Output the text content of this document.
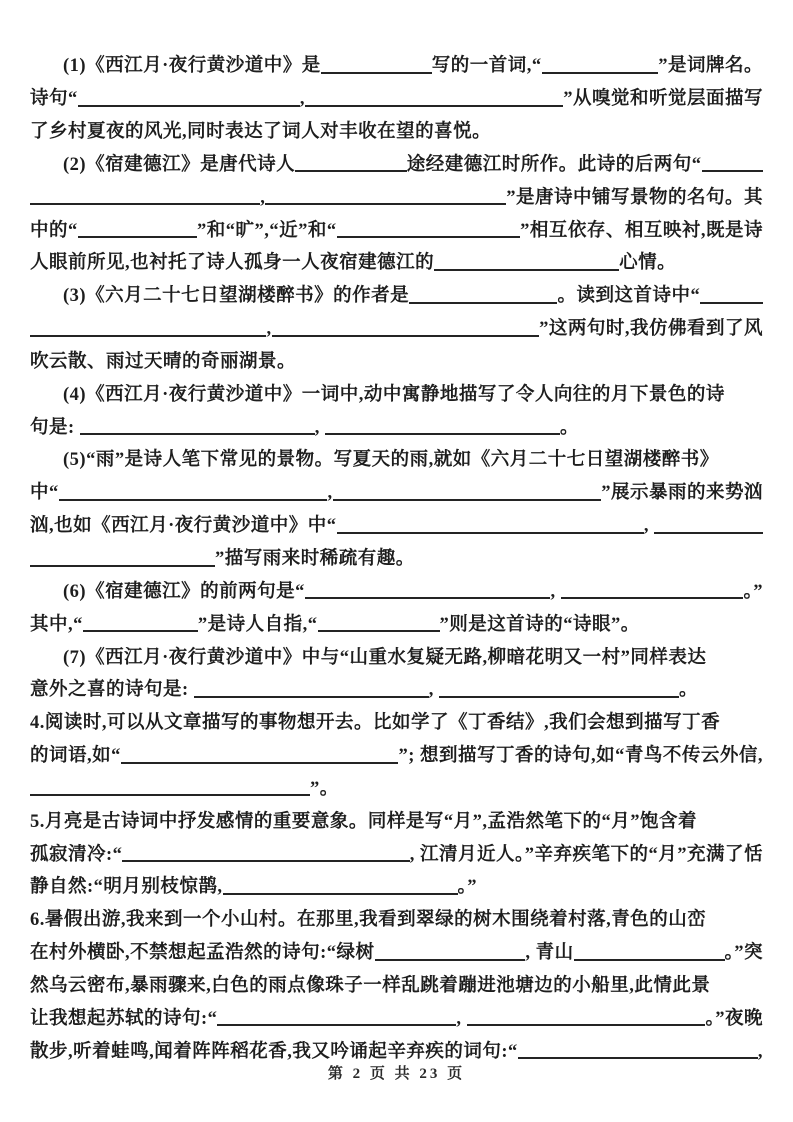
(1)《西江月·夜行黄沙道中》是	写的一首词,“	”是词牌名。
诗句“	,	”从嗅觉和听觉层面描写
了乡村夏夜的风光,同时表达了词人对丰收在望的喜悦。
(2)《宿建德江》是唐代诗人	途经建德江时所作。此诗的后两句“
,	”是唐诗中铺写景物的名句。其
中的“	”和“旷”,“近”和“	”相互依存、相互映衬,既是诗
人眼前所见,也衬托了诗人孤身一人夜宿建德江的	心情。
(3)《六月二十七日望湖楼醉书》的作者是	。读到这首诗中“
,	”这两句时,我仿佛看到了风
吹云散、雨过天晴的奇丽湖景。
(4)《西江月·夜行黄沙道中》一词中,动中寓静地描写了令人向往的月下景色的诗
句是:	,	。
(5)“雨”是诗人笔下常见的景物。写夏天的雨,就如《六月二十七日望湖楼醉书》
中“	,	”展示暴雨的来势汹
汹,也如《西江月·夜行黄沙道中》中“	,
”描写雨来时稀疏有趣。
(6)《宿建德江》的前两句是“	,	。”
其中,“	”是诗人自指,“	”则是这首诗的“诗眼”。
(7)《西江月·夜行黄沙道中》中与“山重水复疑无路,柳暗花明又一村”同样表达
意外之喜的诗句是:	,	。
4.阅读时,可以从文章描写的事物想开去。比如学了《丁香结》,我们会想到描写丁香
的词语,如“	”; 想到描写丁香的诗句,如“青鸟不传云外信,
”。
5.月亮是古诗词中抒发感情的重要意象。同样是写“月”,孟浩然笔下的“月”饱含着
孤寂清冷:“	, 江清月近人。”辛弃疾笔下的“月”充满了恬
静自然:“明月别枝惊鹊,	。”
6.暑假出游,我来到一个小山村。在那里,我看到翠绿的树木围绕着村落,青色的山峦
在村外横卧,不禁想起孟浩然的诗句:“绿树	, 青山	。”突
然乌云密布,暴雨骤来,白色的雨点像珠子一样乱跳着蹦进池塘边的小船里,此情此景
让我想起苏轼的诗句:“	,	。”夜晚
散步,听着蛙鸣,闻着阵阵稻花香,我又吟诵起辛弃疾的词句:“	,
第 2 页 共 23 页
